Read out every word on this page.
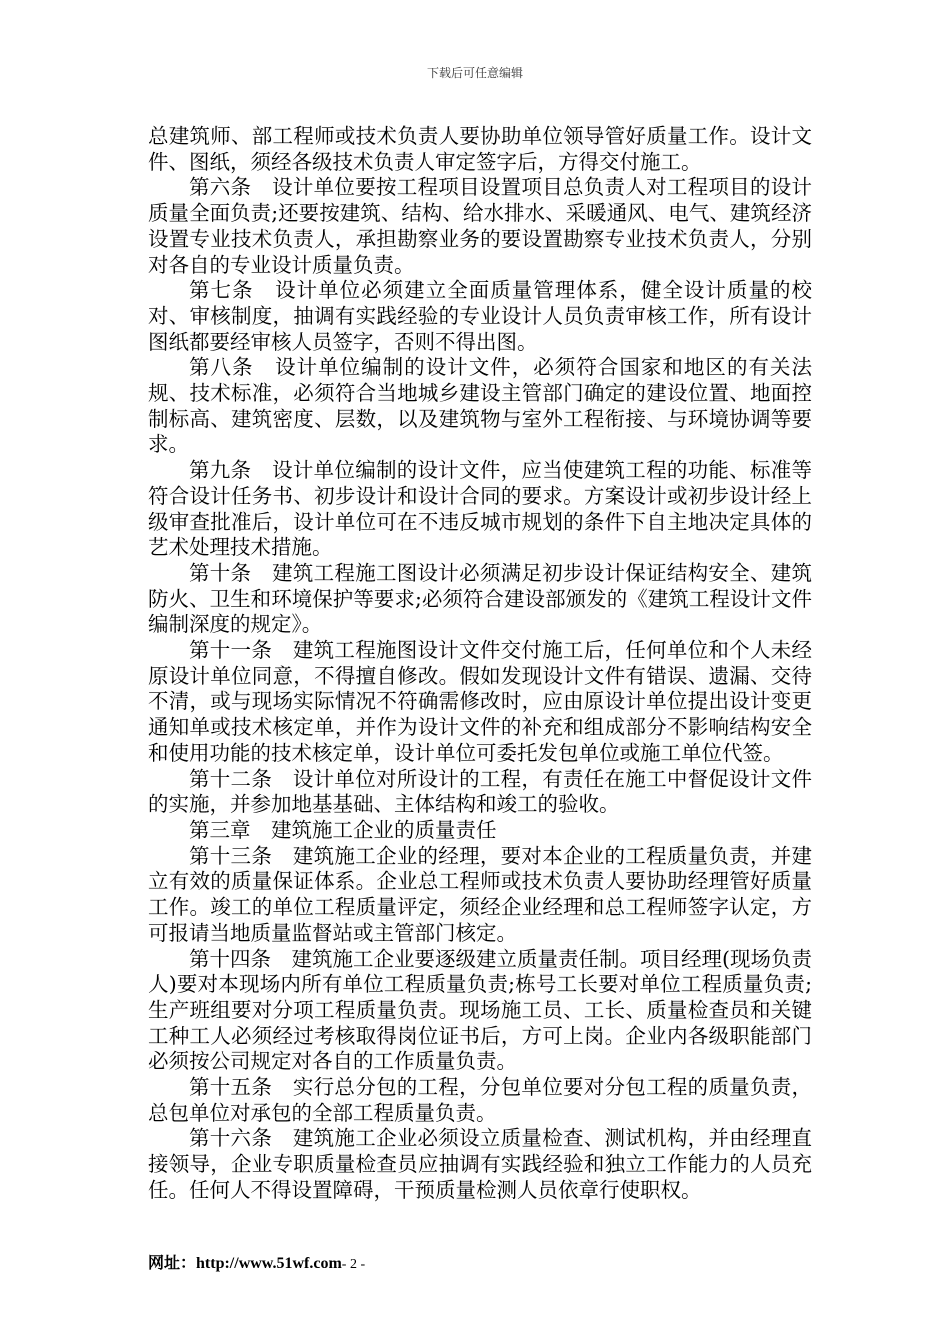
下载后可任意编辑

总建筑师、部工程师或技术负责人要协助单位领导管好质量工作。设计文件、图纸，须经各级技术负责人审定签字后，方得交付施工。

第六条　设计单位要按工程项目设置项目总负责人对工程项目的设计质量全面负责;还要按建筑、结构、给水排水、采暖通风、电气、建筑经济设置专业技术负责人，承担勘察业务的要设置勘察专业技术负责人，分别对各自的专业设计质量负责。

第七条　设计单位必须建立全面质量管理体系，健全设计质量的校对、审核制度，抽调有实践经验的专业设计人员负责审核工作，所有设计图纸都要经审核人员签字，否则不得出图。

第八条　设计单位编制的设计文件，必须符合国家和地区的有关法规、技术标准，必须符合当地城乡建设主管部门确定的建设位置、地面控制标高、建筑密度、层数，以及建筑物与室外工程衔接、与环境协调等要求。

第九条　设计单位编制的设计文件，应当使建筑工程的功能、标准等符合设计任务书、初步设计和设计合同的要求。方案设计或初步设计经上级审查批准后，设计单位可在不违反城市规划的条件下自主地决定具体的艺术处理技术措施。

第十条　建筑工程施工图设计必须满足初步设计保证结构安全、建筑防火、卫生和环境保护等要求;必须符合建设部颁发的《建筑工程设计文件编制深度的规定》。

第十一条　建筑工程施图设计文件交付施工后，任何单位和个人未经原设计单位同意，不得擅自修改。假如发现设计文件有错误、遗漏、交待不清，或与现场实际情况不符确需修改时，应由原设计单位提出设计变更通知单或技术核定单，并作为设计文件的补充和组成部分不影响结构安全和使用功能的技术核定单，设计单位可委托发包单位或施工单位代签。

第十二条　设计单位对所设计的工程，有责任在施工中督促设计文件的实施，并参加地基基础、主体结构和竣工的验收。

第三章　建筑施工企业的质量责任

第十三条　建筑施工企业的经理，要对本企业的工程质量负责，并建立有效的质量保证体系。企业总工程师或技术负责人要协助经理管好质量工作。竣工的单位工程质量评定，须经企业经理和总工程师签字认定，方可报请当地质量监督站或主管部门核定。

第十四条　建筑施工企业要逐级建立质量责任制。项目经理(现场负责人)要对本现场内所有单位工程质量负责;栋号工长要对单位工程质量负责;生产班组要对分项工程质量负责。现场施工员、工长、质量检查员和关键工种工人必须经过考核取得岗位证书后，方可上岗。企业内各级职能部门必须按公司规定对各自的工作质量负责。

第十五条　实行总分包的工程，分包单位要对分包工程的质量负责，总包单位对承包的全部工程质量负责。

第十六条　建筑施工企业必须设立质量检查、测试机构，并由经理直接领导，企业专职质量检查员应抽调有实践经验和独立工作能力的人员充任。任何人不得设置障碍，干预质量检测人员依章行使职权。

网址：http://www.51wf.com- 2 -
